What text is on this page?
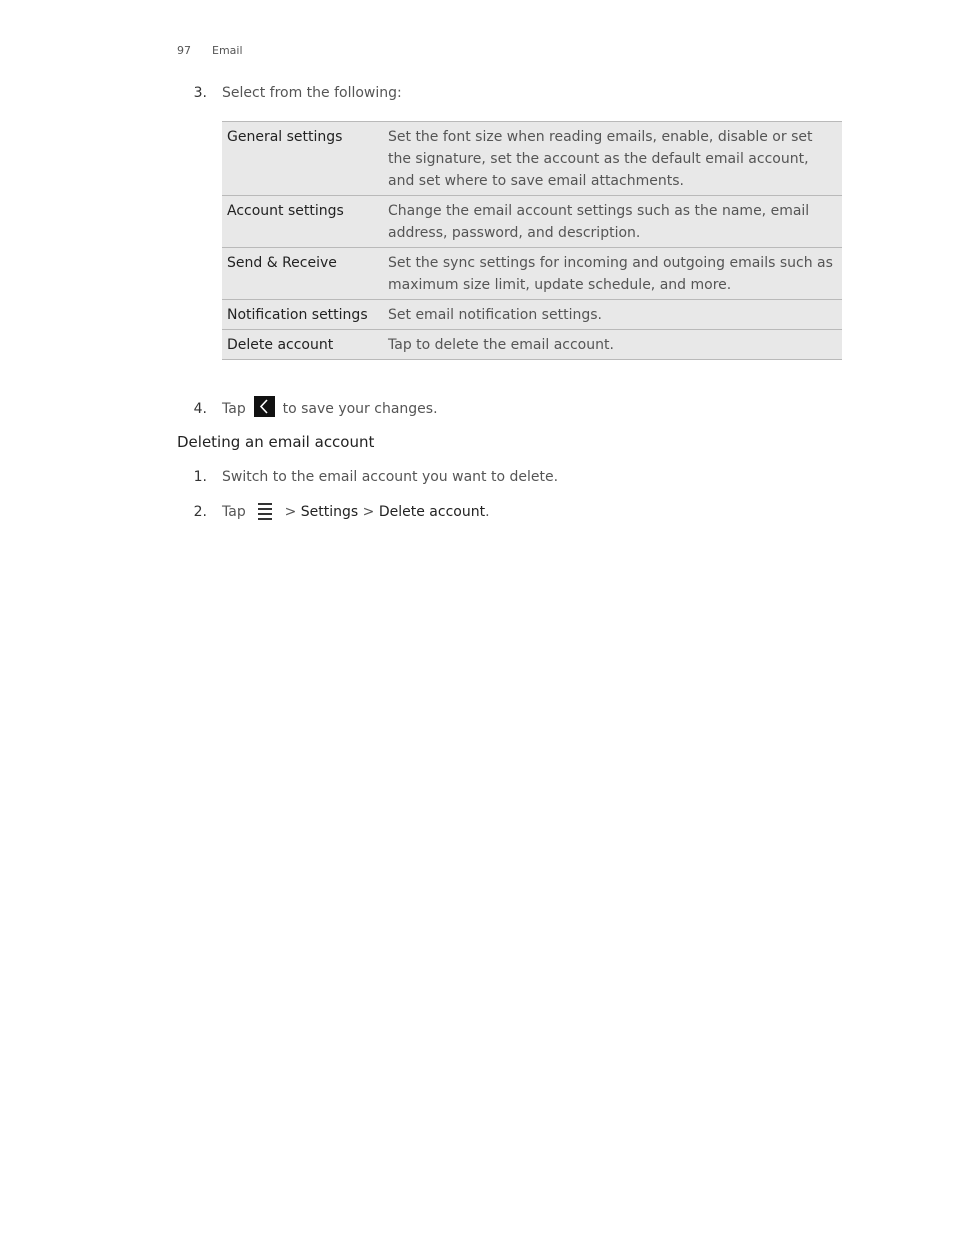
97 Email
3. Select from the following:
General settings	Set the font size when reading emails, enable, disable or set the signature, set the account as the default email account, and set where to save email attachments.
Account settings	Change the email account settings such as the name, email address, password, and description.
Send & Receive	Set the sync settings for incoming and outgoing emails such as maximum size limit, update schedule, and more.
Notification settings	Set email notification settings.
Delete account	Tap to delete the email account.
4. Tap	to save your changes.
Deleting an email account
1. Switch to the email account you want to delete.
2. Tap	> Settings > Delete account.
